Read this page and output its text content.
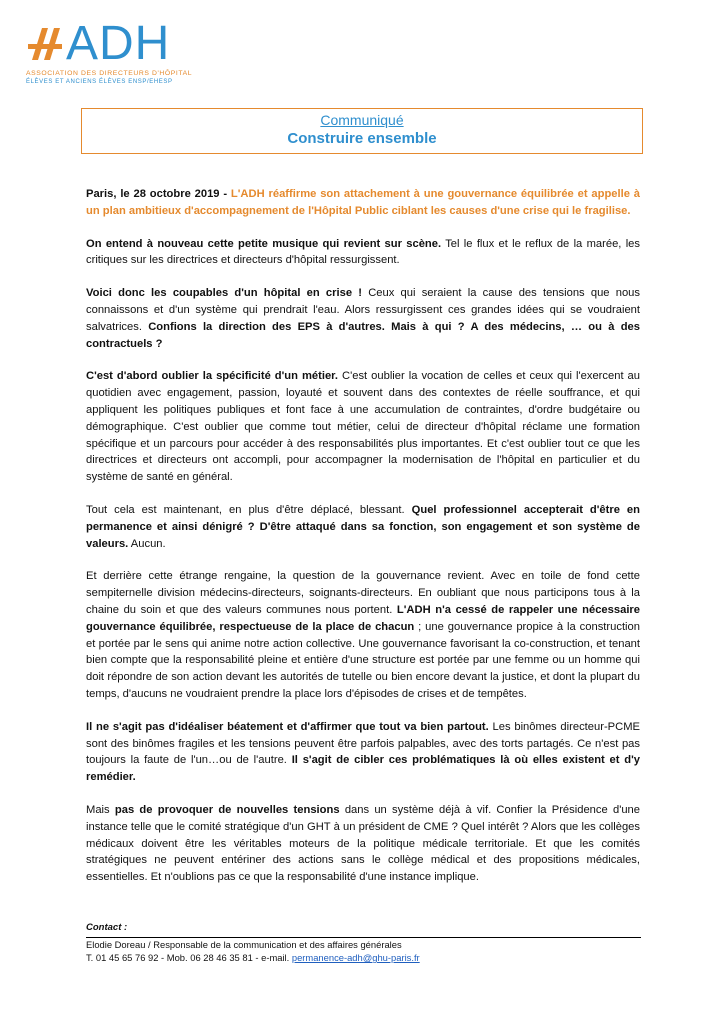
ADH
ASSOCIATION DES DIRECTEURS D'HÔPITAL
ÉLÈVES ET ANCIENS ÉLÈVES ENSP/EHESP
Communiqué
Construire ensemble

Paris, le 28 octobre 2019 - L'ADH réaffirme son attachement à une gouvernance équilibrée et appelle à un plan ambitieux d'accompagnement de l'Hôpital Public ciblant les causes d'une crise qui le fragilise.

On entend à nouveau cette petite musique qui revient sur scène. Tel le flux et le reflux de la marée, les critiques sur les directrices et directeurs d'hôpital ressurgissent.

Voici donc les coupables d'un hôpital en crise ! Ceux qui seraient la cause des tensions que nous connaissons et d'un système qui prendrait l'eau. Alors ressurgissent ces grandes idées qui se voudraient salvatrices. Confions la direction des EPS à d'autres. Mais à qui ? A des médecins, … ou à des contractuels ?

C'est d'abord oublier la spécificité d'un métier. C'est oublier la vocation de celles et ceux qui l'exercent au quotidien avec engagement, passion, loyauté et souvent dans des contextes de réelle souffrance, et qui appliquent les politiques publiques et font face à une accumulation de contraintes, d'ordre budgétaire ou démographique. C'est oublier que comme tout métier, celui de directeur d'hôpital réclame une formation spécifique et un parcours pour accéder à des responsabilités plus importantes. Et c'est oublier tout ce que les directrices et directeurs ont accompli, pour accompagner la modernisation de l'hôpital en particulier et du système de santé en général.

Tout cela est maintenant, en plus d'être déplacé, blessant. Quel professionnel accepterait d'être en permanence et ainsi dénigré ? D'être attaqué dans sa fonction, son engagement et son système de valeurs. Aucun.

Et derrière cette étrange rengaine, la question de la gouvernance revient. Avec en toile de fond cette sempiternelle division médecins-directeurs, soignants-directeurs. En oubliant que nous participons tous à la chaine du soin et que des valeurs communes nous portent. L'ADH n'a cessé de rappeler une nécessaire gouvernance équilibrée, respectueuse de la place de chacun ; une gouvernance propice à la construction et portée par le sens qui anime notre action collective. Une gouvernance favorisant la co-construction, et tenant bien compte que la responsabilité pleine et entière d'une structure est portée par une femme ou un homme qui doit répondre de son action devant les autorités de tutelle ou bien encore devant la justice, et dont la plupart du temps, d'aucuns ne voudraient prendre la place lors d'épisodes de crises et de tempêtes.

Il ne s'agit pas d'idéaliser béatement et d'affirmer que tout va bien partout. Les binômes directeur-PCME sont des binômes fragiles et les tensions peuvent être parfois palpables, avec des torts partagés. Ce n'est pas toujours la faute de l'un…ou de l'autre. Il s'agit de cibler ces problématiques là où elles existent et d'y remédier.

Mais pas de provoquer de nouvelles tensions dans un système déjà à vif. Confier la Présidence d'une instance telle que le comité stratégique d'un GHT à un président de CME ? Quel intérêt ? Alors que les collèges médicaux doivent être les véritables moteurs de la politique médicale territoriale. Et que les comités stratégiques ne peuvent entériner des actions sans le collège médical et des propositions médicales, essentielles. Et n'oublions pas ce que la responsabilité d'une instance implique.

Contact :
Elodie Doreau / Responsable de la communication et des affaires générales
T. 01 45 65 76 92 - Mob. 06 28 46 35 81 - e-mail. permanence-adh@ghu-paris.fr
